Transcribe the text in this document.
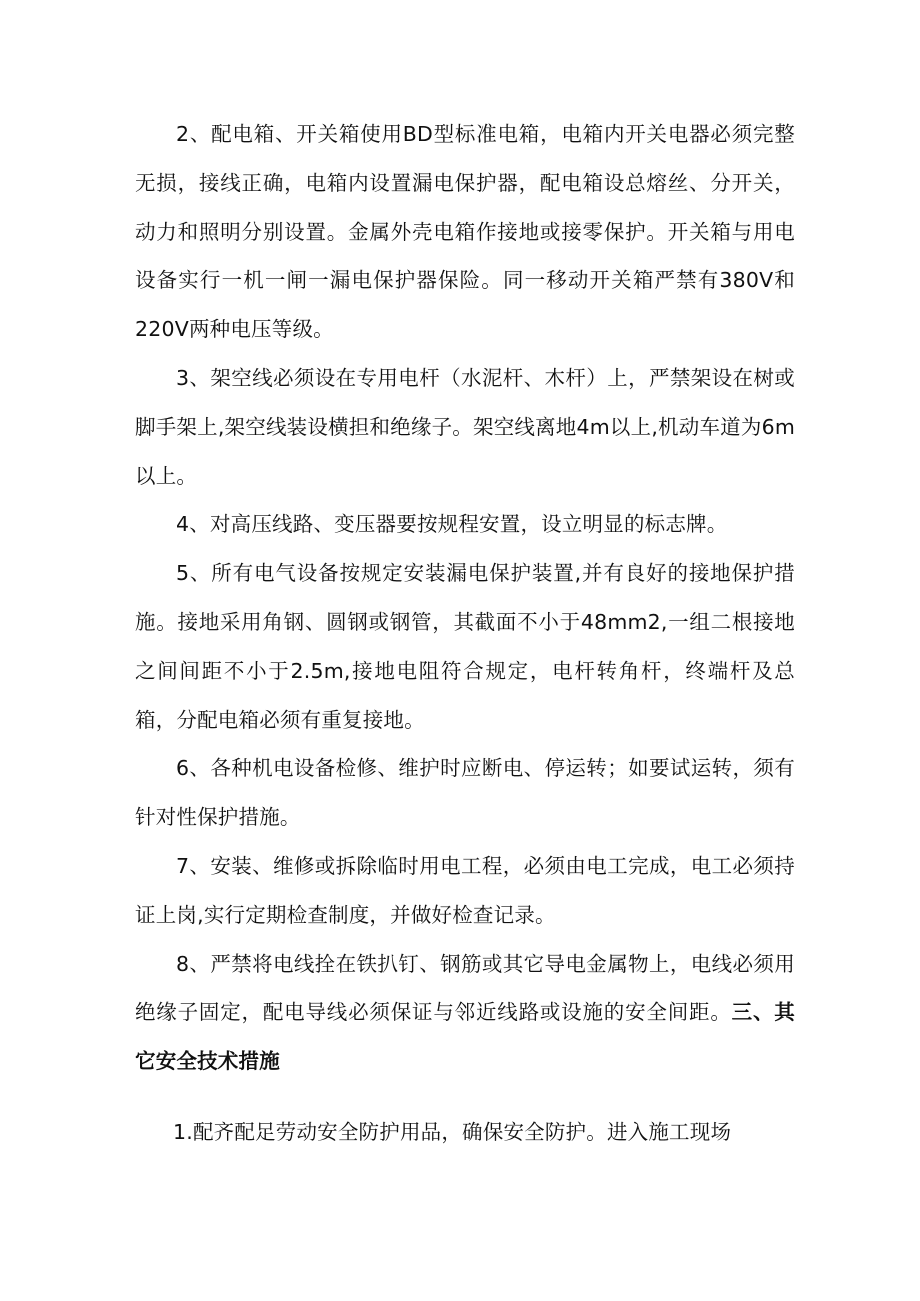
2、配电箱、开关箱使用BD型标准电箱，电箱内开关电器必须完整无损，接线正确，电箱内设置漏电保护器，配电箱设总熔丝、分开关，动力和照明分别设置。金属外壳电箱作接地或接零保护。开关箱与用电设备实行一机一闸一漏电保护器保险。同一移动开关箱严禁有380V和220V两种电压等级。

3、架空线必须设在专用电杆（水泥杆、木杆）上，严禁架设在树或脚手架上,架空线装设横担和绝缘子。架空线离地4m以上,机动车道为6m以上。

4、对高压线路、变压器要按规程安置，设立明显的标志牌。

5、所有电气设备按规定安装漏电保护装置,并有良好的接地保护措施。接地采用角钢、圆钢或钢管，其截面不小于48mm2,一组二根接地之间间距不小于2.5m,接地电阻符合规定，电杆转角杆，终端杆及总箱，分配电箱必须有重复接地。

6、各种机电设备检修、维护时应断电、停运转；如要试运转，须有针对性保护措施。

7、安装、维修或拆除临时用电工程，必须由电工完成，电工必须持证上岗,实行定期检查制度，并做好检查记录。

8、严禁将电线拴在铁扒钉、钢筋或其它导电金属物上，电线必须用绝缘子固定，配电导线必须保证与邻近线路或设施的安全间距。三、其它安全技术措施

1.配齐配足劳动安全防护用品，确保安全防护。进入施工现场
